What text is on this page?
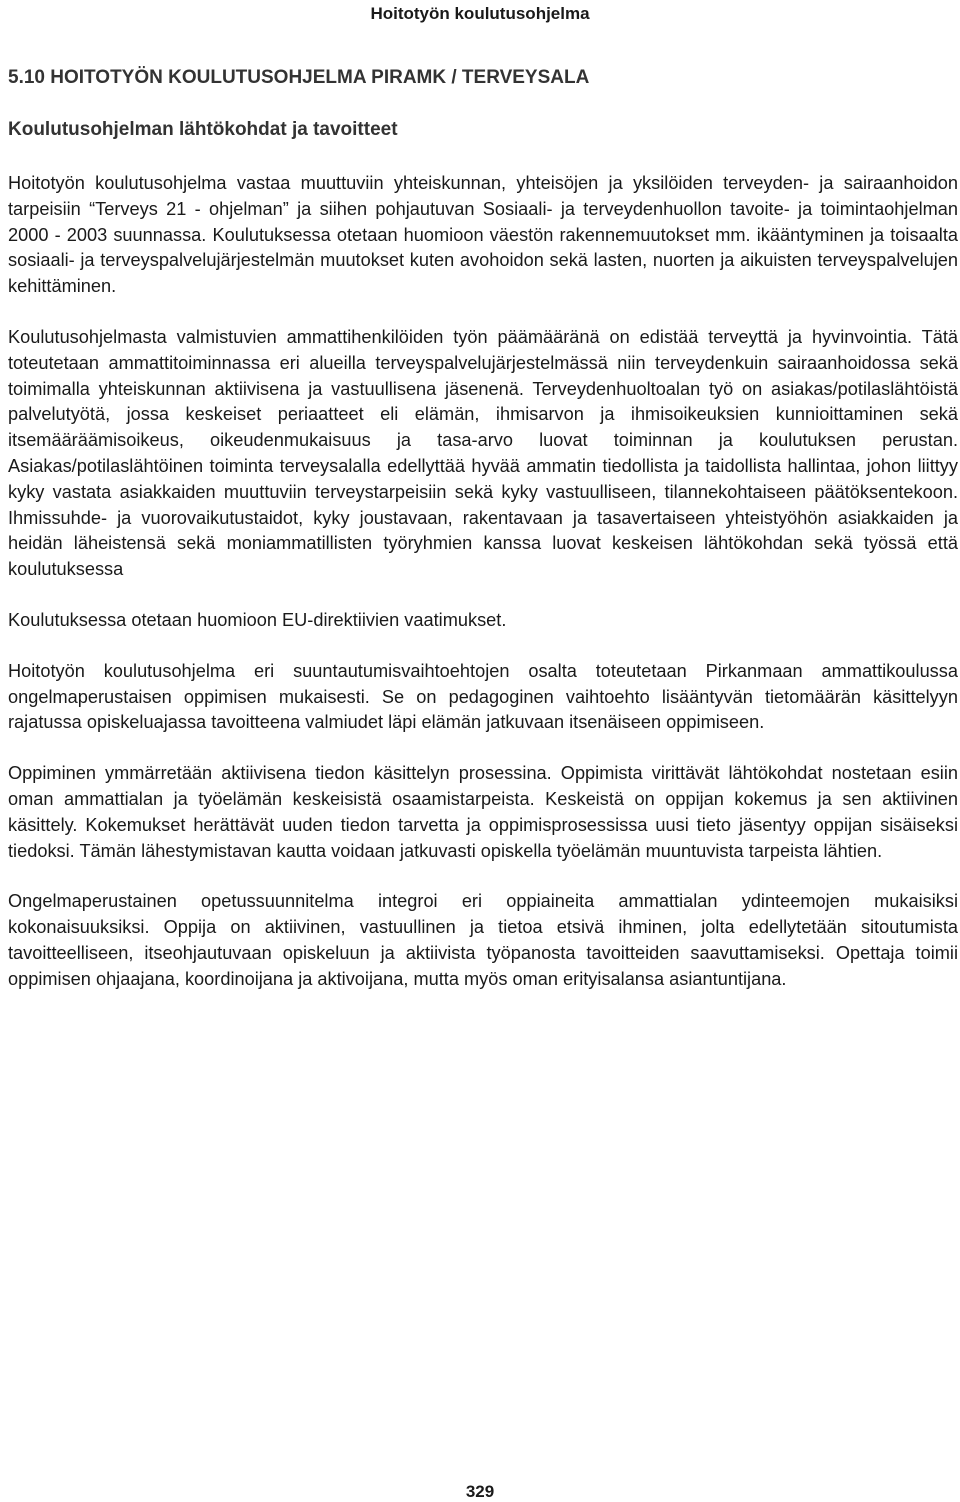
Hoitotyön koulutusohjelma
5.10 HOITOTYÖN KOULUTUSOHJELMA PIRAMK / TERVEYSALA
Koulutusohjelman lähtökohdat ja tavoitteet

Hoitotyön koulutusohjelma vastaa muuttuviin yhteiskunnan, yhteisöjen ja yksilöiden terveyden- ja sairaanhoidon tarpeisiin “Terveys 21 - ohjelman” ja siihen pohjautuvan Sosiaali- ja terveydenhuollon tavoite- ja toimintaohjelman 2000 - 2003 suunnassa. Koulutuksessa otetaan huomioon väestön rakennemuutokset mm. ikääntyminen ja toisaalta sosiaali- ja terveyspalvelujärjestelmän muutokset kuten avohoidon sekä lasten, nuorten ja aikuisten terveyspalvelujen kehittäminen.

Koulutusohjelmasta valmistuvien ammattihenkilöiden työn päämääränä on edistää terveyttä ja hyvinvointia. Tätä toteutetaan ammattitoiminnassa eri alueilla terveyspalvelujärjestelmässä niin terveydenkuin sairaanhoidossa sekä toimimalla yhteiskunnan aktiivisena ja vastuullisena jäsenenä. Terveydenhuoltoalan työ on asiakas/potilaslähtöistä palvelutyötä, jossa keskeiset periaatteet eli elämän, ihmisarvon ja ihmisoikeuksien kunnioittaminen sekä itsemääräämisoikeus, oikeudenmukaisuus ja tasa-arvo luovat toiminnan ja koulutuksen perustan. Asiakas/potilaslähtöinen toiminta terveysalalla edellyttää hyvää ammatin tiedollista ja taidollista hallintaa, johon liittyy kyky vastata asiakkaiden muuttuviin terveystarpeisiin sekä kyky vastuulliseen, tilannekohtaiseen päätöksentekoon. Ihmissuhde- ja vuorovaikutustaidot, kyky joustavaan, rakentavaan ja tasavertaiseen yhteistyöhön asiakkaiden ja heidän läheistensä sekä moniammatillisten työryhmien kanssa luovat keskeisen lähtökohdan sekä työssä että koulutuksessa

Koulutuksessa otetaan huomioon EU-direktiivien vaatimukset.

Hoitotyön koulutusohjelma eri suuntautumisvaihtoehtojen osalta toteutetaan Pirkanmaan ammattikoulussa ongelmaperustaisen oppimisen mukaisesti. Se on pedagoginen vaihtoehto lisääntyvän tietomäärän käsittelyyn rajatussa opiskeluajassa tavoitteena valmiudet läpi elämän jatkuvaan itsenäiseen oppimiseen.

Oppiminen ymmärretään aktiivisena tiedon käsittelyn prosessina. Oppimista virittävät lähtökohdat nostetaan esiin oman ammattialan ja työelämän keskeisistä osaamistarpeista. Keskeistä on oppijan kokemus ja sen aktiivinen käsittely. Kokemukset herättävät uuden tiedon tarvetta ja oppimisprosessissa uusi tieto jäsentyy oppijan sisäiseksi tiedoksi. Tämän lähestymistavan kautta voidaan jatkuvasti opiskella työelämän muuntuvista tarpeista lähtien.

Ongelmaperustainen opetussuunnitelma integroi eri oppiaineita ammattialan ydinteemojen mukaisiksi kokonaisuuksiksi. Oppija on aktiivinen, vastuullinen ja tietoa etsivä ihminen, jolta edellytetään sitoutumista tavoitteelliseen, itseohjautuvaan opiskeluun ja aktiivista työpanosta tavoitteiden saavuttamiseksi. Opettaja toimii oppimisen ohjaajana, koordinoijana ja aktivoijana, mutta myös oman erityisalansa asiantuntijana.

329
